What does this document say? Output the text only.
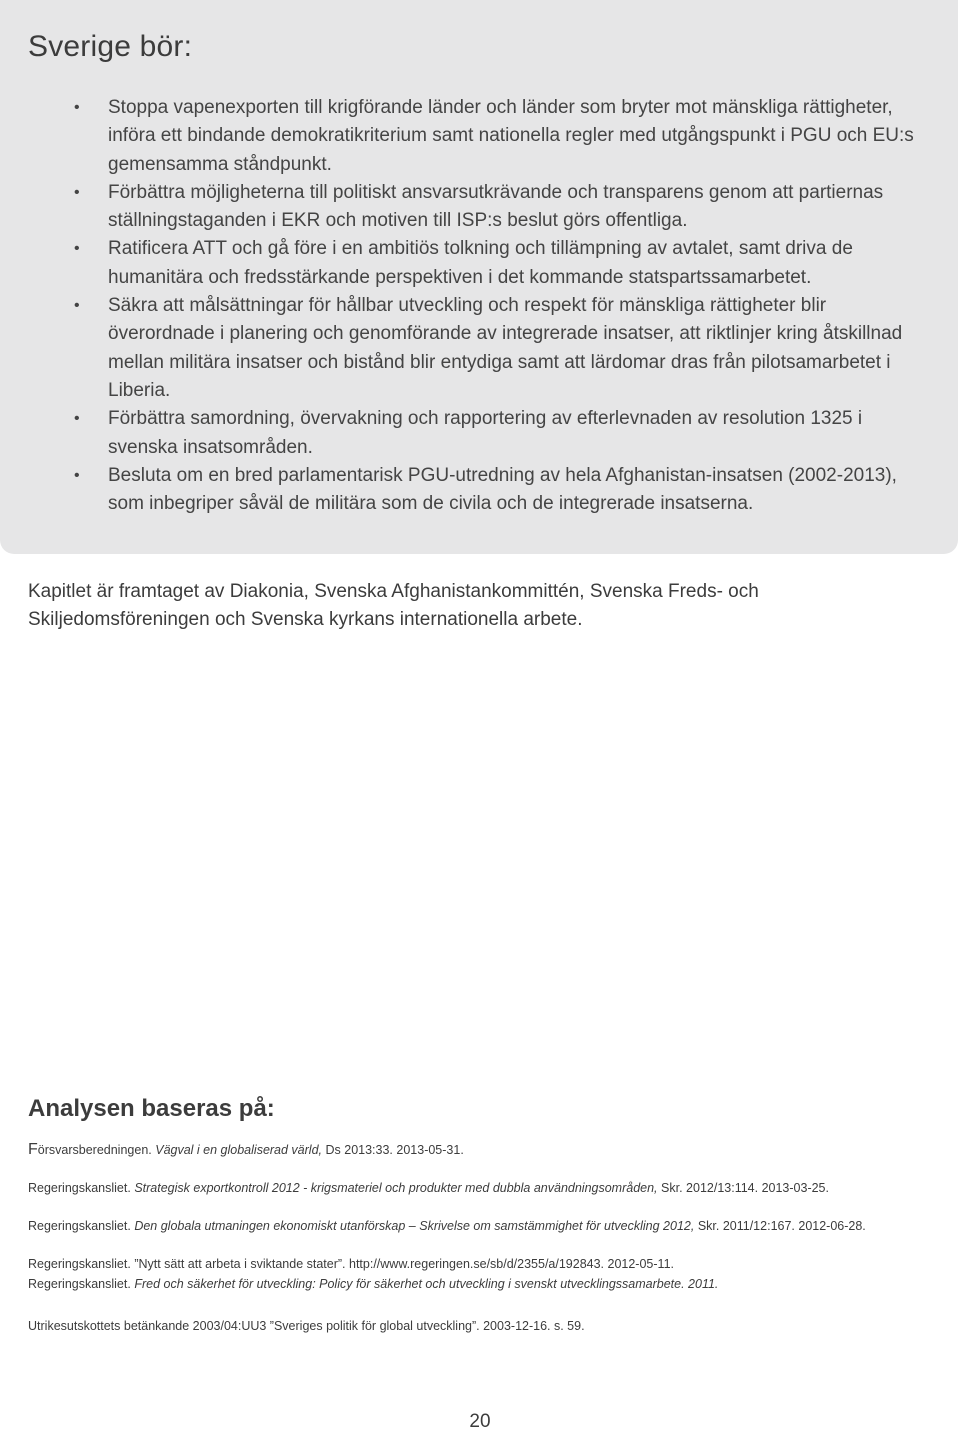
Sverige bör:
• Stoppa vapenexporten till krigförande länder och länder som bryter mot mänskliga rättigheter, införa ett bindande demokratikriterium samt nationella regler med utgångspunkt i PGU och EU:s gemensamma ståndpunkt.
• Förbättra möjligheterna till politiskt ansvarsutkrävande och transparens genom att partiernas ställningstaganden i EKR och motiven till ISP:s beslut görs offentliga.
• Ratificera ATT och gå före i en ambitiös tolkning och tillämpning av avtalet, samt driva de humanitära och fredsstärkande perspektiven i det kommande statspartssamarbetet.
• Säkra att målsättningar för hållbar utveckling och respekt för mänskliga rättigheter blir överordnade i planering och genomförande av integrerade insatser, att riktlinjer kring åtskillnad mellan militära insatser och bistånd blir entydiga samt att lärdomar dras från pilotsamarbetet i Liberia.
• Förbättra samordning, övervakning och rapportering av efterlevnaden av resolution 1325 i svenska insatsområden.
• Besluta om en bred parlamentarisk PGU-utredning av hela Afghanistan-insatsen (2002-2013), som inbegriper såväl de militära som de civila och de integrerade insatserna.

Kapitlet är framtaget av Diakonia, Svenska Afghanistankommittén, Svenska Freds- och Skiljedomsföreningen och Svenska kyrkans internationella arbete.

Analysen baseras på:
Försvarsberedningen. Vägval i en globaliserad värld, Ds 2013:33. 2013-05-31.
Regeringskansliet. Strategisk exportkontroll 2012 - krigsmateriel och produkter med dubbla användningsområden, Skr. 2012/13:114. 2013-03-25.
Regeringskansliet. Den globala utmaningen ekonomiskt utanförskap – Skrivelse om samstämmighet för utveckling 2012, Skr. 2011/12:167. 2012-06-28.
Regeringskansliet. ”Nytt sätt att arbeta i sviktande stater”. http://www.regeringen.se/sb/d/2355/a/192843. 2012-05-11.
Regeringskansliet. Fred och säkerhet för utveckling: Policy för säkerhet och utveckling i svenskt utvecklingssamarbete. 2011.
Utrikesutskottets betänkande 2003/04:UU3 ”Sveriges politik för global utveckling”. 2003-12-16. s. 59.
20
